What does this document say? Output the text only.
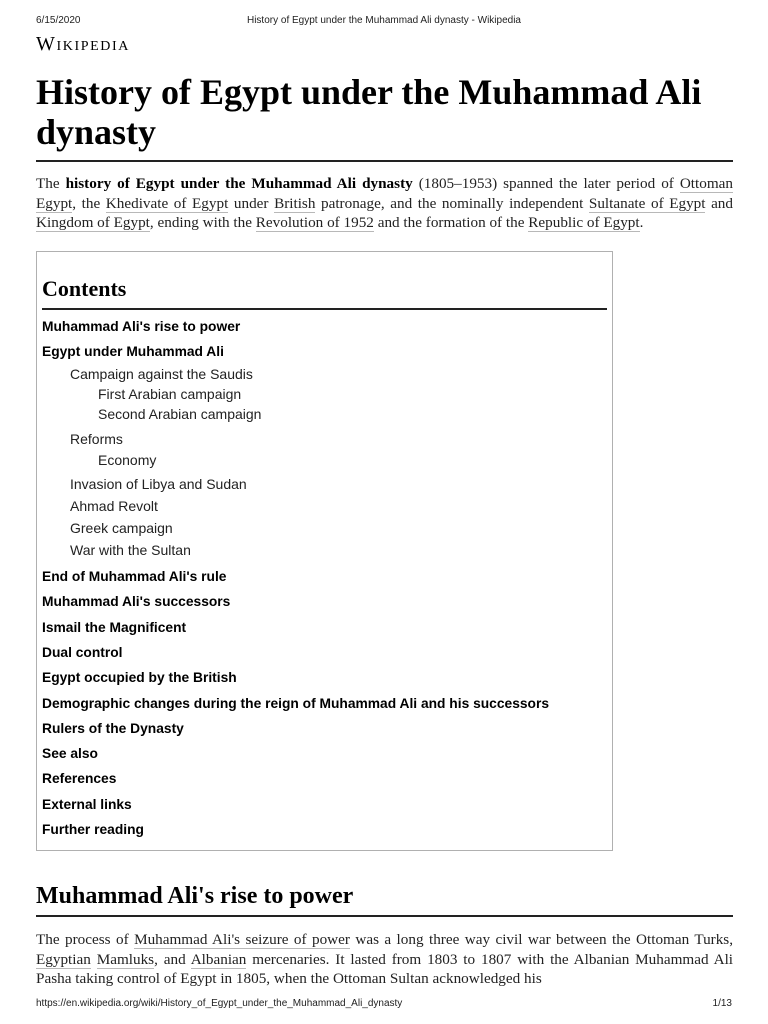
6/15/2020	History of Egypt under the Muhammad Ali dynasty - Wikipedia
Wikipedia
History of Egypt under the Muhammad Ali dynasty

The history of Egypt under the Muhammad Ali dynasty (1805–1953) spanned the later period of Ottoman Egypt, the Khedivate of Egypt under British patronage, and the nominally independent Sultanate of Egypt and Kingdom of Egypt, ending with the Revolution of 1952 and the formation of the Republic of Egypt.

Contents
Muhammad Ali's rise to power
Egypt under Muhammad Ali
Campaign against the Saudis
First Arabian campaign
Second Arabian campaign
Reforms
Economy
Invasion of Libya and Sudan
Ahmad Revolt
Greek campaign
War with the Sultan
End of Muhammad Ali's rule
Muhammad Ali's successors
Ismail the Magnificent
Dual control
Egypt occupied by the British
Demographic changes during the reign of Muhammad Ali and his successors
Rulers of the Dynasty
See also
References
External links
Further reading
Muhammad Ali's rise to power

The process of Muhammad Ali's seizure of power was a long three way civil war between the Ottoman Turks, Egyptian Mamluks, and Albanian mercenaries. It lasted from 1803 to 1807 with the Albanian Muhammad Ali Pasha taking control of Egypt in 1805, when the Ottoman Sultan acknowledged his

https://en.wikipedia.org/wiki/History_of_Egypt_under_the_Muhammad_Ali_dynasty	1/13
